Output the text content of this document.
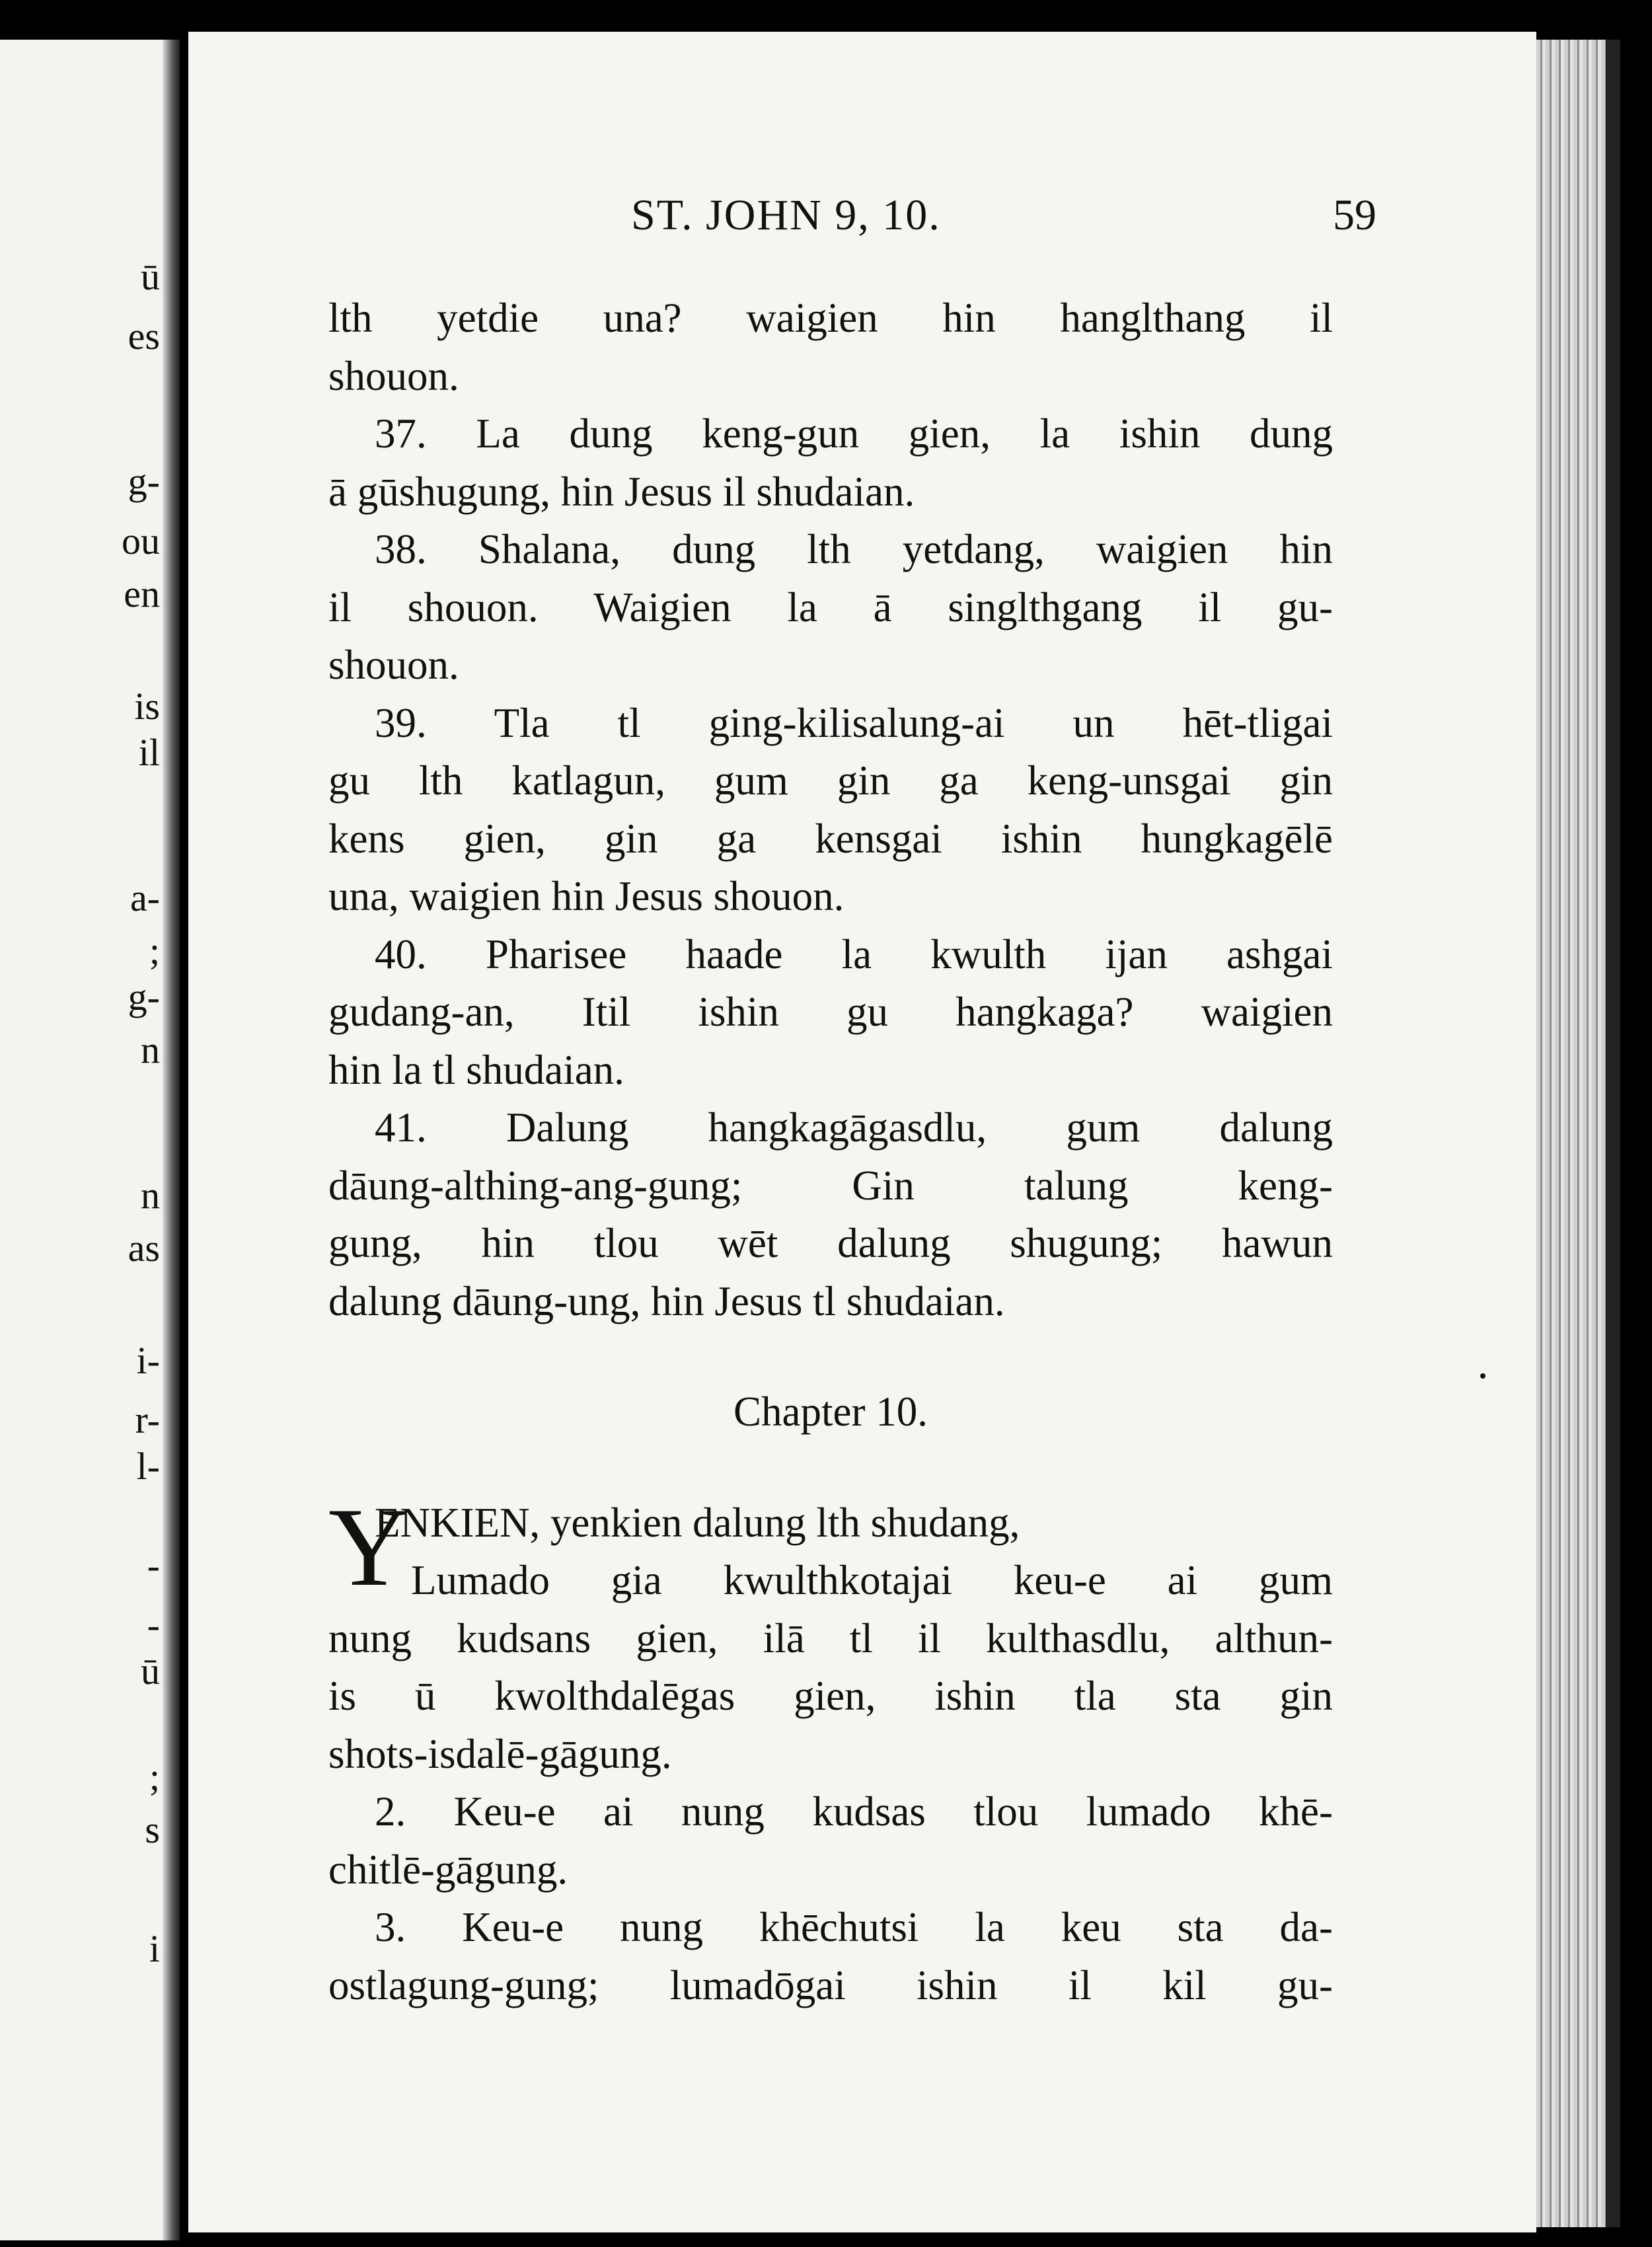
ū
es
g-
ou
en
is
il
a-
;
g-
n
n
as
i-
r-
l-
-
-
ū
;
s
i
ST. JOHN 9, 10.	59
lth yetdie una? waigien hin hanglthang il
shouon.
37. La dung keng-gun gien, la ishin dung
ā gūshugung, hin Jesus il shudaian.
38. Shalana, dung lth yetdang, waigien hin
il shouon. Waigien la ā singlthgang il gu-
shouon.
39. Tla tl ging-kilisalung-ai un hēt-tligai
gu lth katlagun, gum gin ga keng-unsgai gin
kens gien, gin ga kensgai ishin hungkagēlē
una, waigien hin Jesus shouon.
40. Pharisee haade la kwulth ijan ashgai
gudang-an, Itil ishin gu hangkaga? waigien
hin la tl shudaian.
41. Dalung hangkagāgasdlu, gum dalung
dāung-althing-ang-gung; Gin talung keng-
gung, hin tlou wēt dalung shugung; hawun
dalung dāung-ung, hin Jesus tl shudaian.
Chapter 10.
Y
ENKIEN, yenkien dalung lth shudang,
Lumado gia kwulthkotajai keu-e ai gum
nung kudsans gien, ilā tl il kulthasdlu, althun-
is ū kwolthdalēgas gien, ishin tla sta gin
shots-isdalē-gāgung.
2. Keu-e ai nung kudsas tlou lumado khē-
chitlē-gāgung.
3. Keu-e nung khēchutsi la keu sta da-
ostlagung-gung; lumadōgai ishin il kil gu-
